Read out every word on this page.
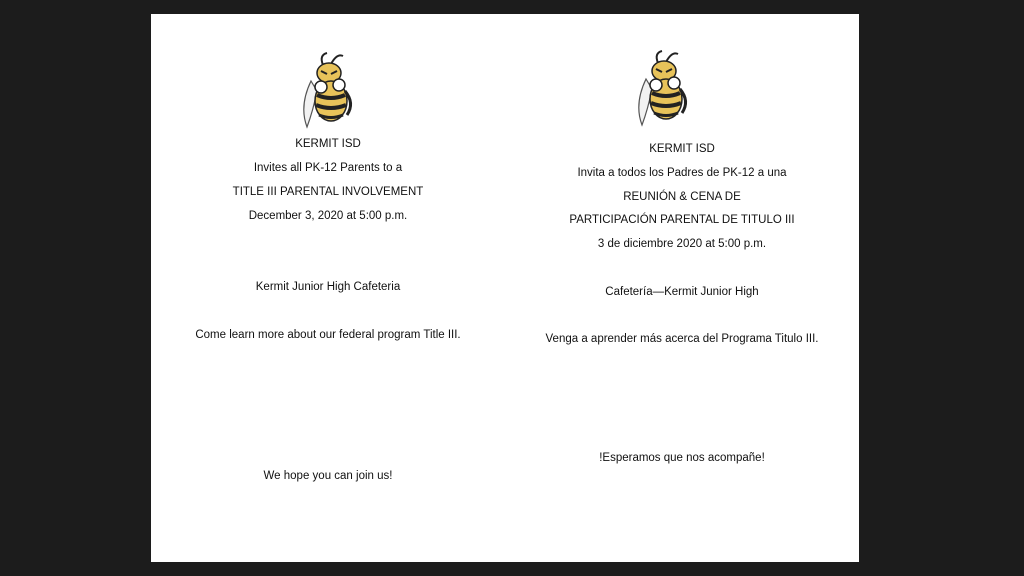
KERMIT ISD
Invites all PK-12 Parents to a
TITLE III PARENTAL INVOLVEMENT
December 3, 2020 at 5:00 p.m.
Kermit Junior High Cafeteria
Come learn more about our federal program Title III.
We hope you can join us!
KERMIT ISD
Invita a todos los Padres de PK-12 a una
REUNIÓN & CENA DE
PARTICIPACIÓN PARENTAL DE TITULO III
3 de diciembre 2020 at 5:00 p.m.
Cafetería—Kermit Junior High
Venga a aprender más acerca del Programa Titulo III.
!Esperamos que nos acompañe!
